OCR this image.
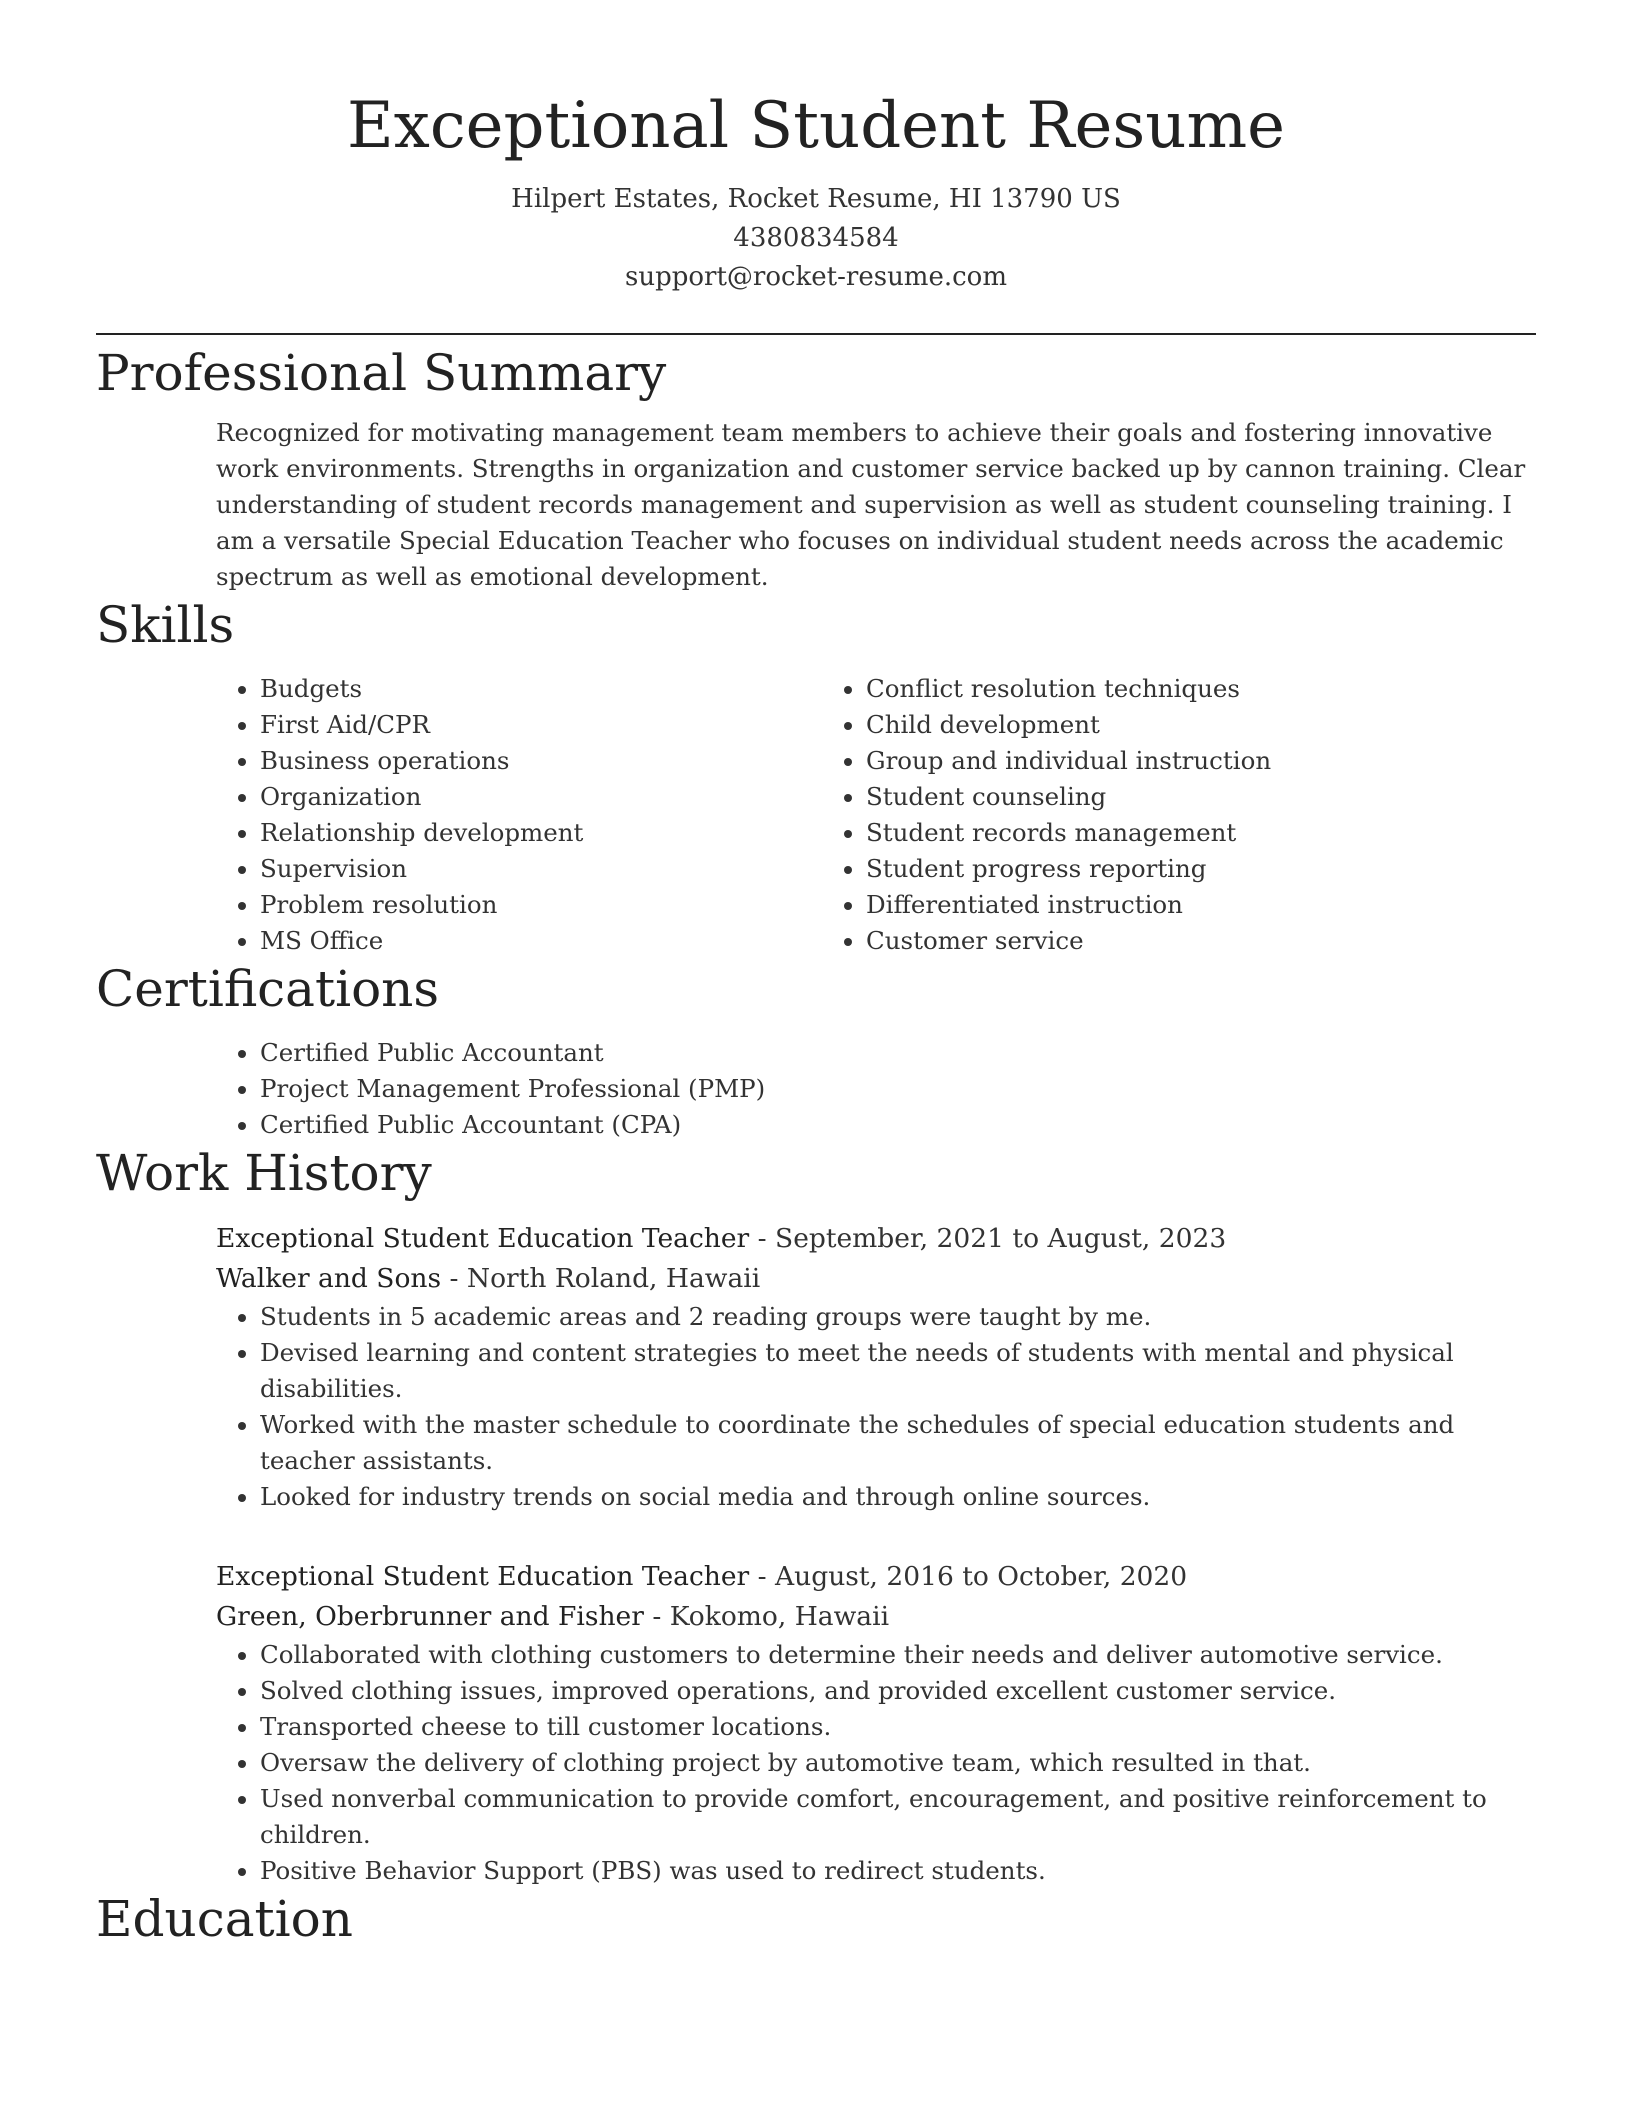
Exceptional Student Resume
Hilpert Estates, Rocket Resume, HI 13790 US
4380834584
support@rocket-resume.com
Professional Summary
Recognized for motivating management team members to achieve their goals and fostering innovative work environments. Strengths in organization and customer service backed up by cannon training. Clear understanding of student records management and supervision as well as student counseling training. I am a versatile Special Education Teacher who focuses on individual student needs across the academic spectrum as well as emotional development.
Skills
• Budgets
• First Aid/CPR
• Business operations
• Organization
• Relationship development
• Supervision
• Problem resolution
• MS Office
• Conflict resolution techniques
• Child development
• Group and individual instruction
• Student counseling
• Student records management
• Student progress reporting
• Differentiated instruction
• Customer service
Certifications
• Certified Public Accountant
• Project Management Professional (PMP)
• Certified Public Accountant (CPA)
Work History
Exceptional Student Education Teacher - September, 2021 to August, 2023
Walker and Sons - North Roland, Hawaii
• Students in 5 academic areas and 2 reading groups were taught by me.
• Devised learning and content strategies to meet the needs of students with mental and physical disabilities.
• Worked with the master schedule to coordinate the schedules of special education students and teacher assistants.
• Looked for industry trends on social media and through online sources.
Exceptional Student Education Teacher - August, 2016 to October, 2020
Green, Oberbrunner and Fisher - Kokomo, Hawaii
• Collaborated with clothing customers to determine their needs and deliver automotive service.
• Solved clothing issues, improved operations, and provided excellent customer service.
• Transported cheese to till customer locations.
• Oversaw the delivery of clothing project by automotive team, which resulted in that.
• Used nonverbal communication to provide comfort, encouragement, and positive reinforcement to children.
• Positive Behavior Support (PBS) was used to redirect students.
Education
